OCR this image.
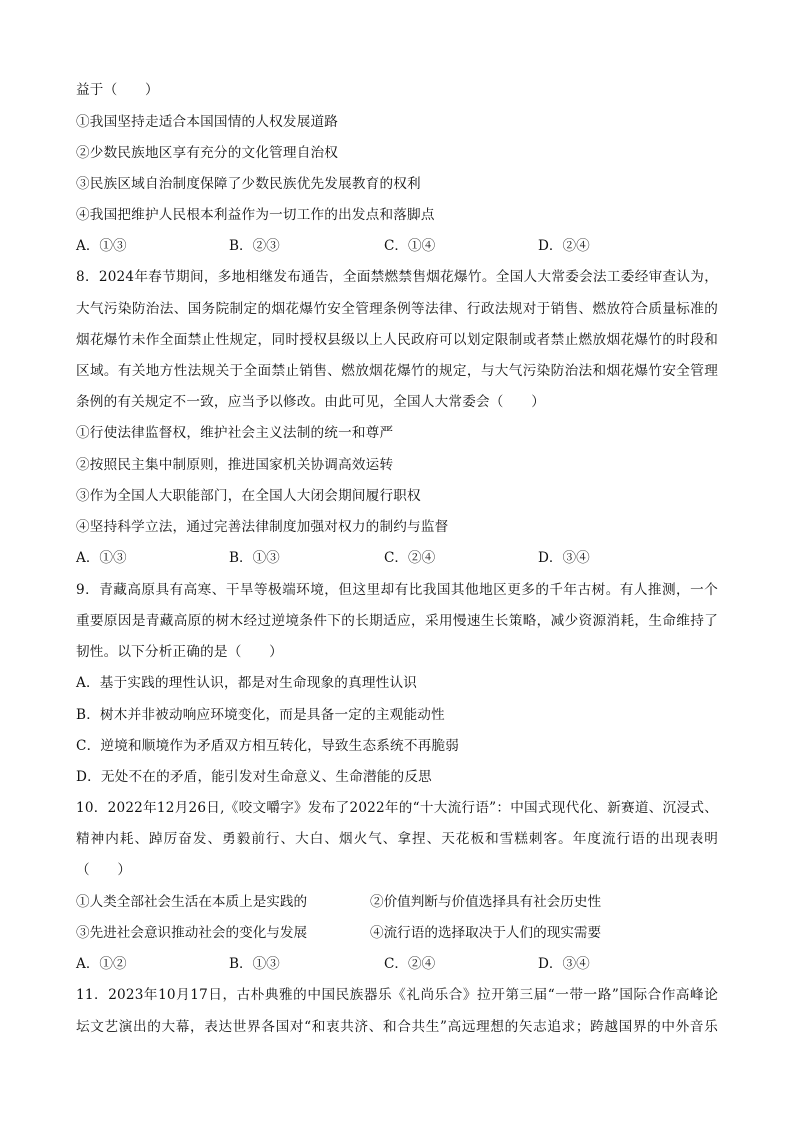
益于（　　）
①我国坚持走适合本国国情的人权发展道路
②少数民族地区享有充分的文化管理自治权
③民族区域自治制度保障了少数民族优先发展教育的权利
④我国把维护人民根本利益作为一切工作的出发点和落脚点
A．①③	B．②③	C．①④	D．②④
8．2024年春节期间，多地相继发布通告，全面禁燃禁售烟花爆竹。全国人大常委会法工委经审查认为，
大气污染防治法、国务院制定的烟花爆竹安全管理条例等法律、行政法规对于销售、燃放符合质量标准的
烟花爆竹未作全面禁止性规定，同时授权县级以上人民政府可以划定限制或者禁止燃放烟花爆竹的时段和
区域。有关地方性法规关于全面禁止销售、燃放烟花爆竹的规定，与大气污染防治法和烟花爆竹安全管理
条例的有关规定不一致，应当予以修改。由此可见，全国人大常委会（　　）
①行使法律监督权，维护社会主义法制的统一和尊严
②按照民主集中制原则，推进国家机关协调高效运转
③作为全国人大职能部门，在全国人大闭会期间履行职权
④坚持科学立法，通过完善法律制度加强对权力的制约与监督
A．①③	B．①③	C．②④	D．③④
9．青藏高原具有高寒、干旱等极端环境，但这里却有比我国其他地区更多的千年古树。有人推测，一个
重要原因是青藏高原的树木经过逆境条件下的长期适应，采用慢速生长策略，减少资源消耗，生命维持了
韧性。以下分析正确的是（　　）
A．基于实践的理性认识，都是对生命现象的真理性认识
B．树木并非被动响应环境变化，而是具备一定的主观能动性
C．逆境和顺境作为矛盾双方相互转化，导致生态系统不再脆弱
D．无处不在的矛盾，能引发对生命意义、生命潜能的反思
10．2022年12月26日,《咬文嚼字》发布了2022年的“十大流行语”：中国式现代化、新赛道、沉浸式、
精神内耗、踔厉奋发、勇毅前行、大白、烟火气、拿捏、天花板和雪糕刺客。年度流行语的出现表明
（　　）
①人类全部社会生活在本质上是实践的	②价值判断与价值选择具有社会历史性
③先进社会意识推动社会的变化与发展	④流行语的选择取决于人们的现实需要
A．①②	B．①③	C．②④	D．③④
11．2023年10月17日，古朴典雅的中国民族器乐《礼尚乐合》拉开第三届“一带一路”国际合作高峰论
坛文艺演出的大幕，表达世界各国对“和衷共济、和合共生”高远理想的矢志追求；跨越国界的中外音乐
